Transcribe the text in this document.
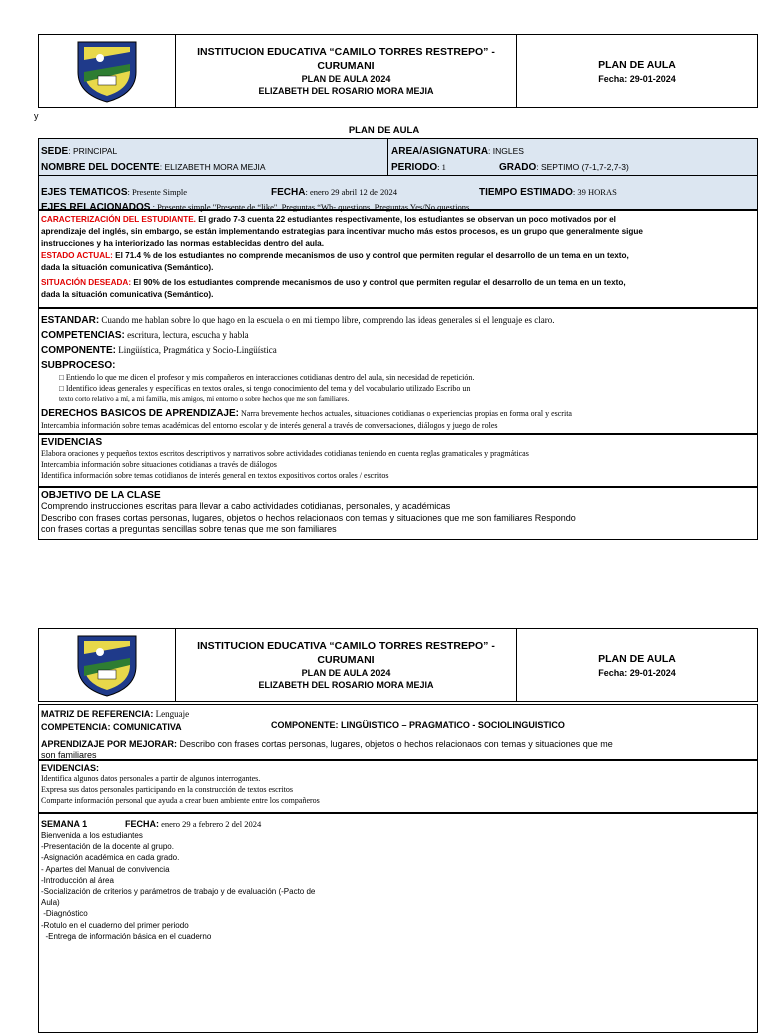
INSTITUCION EDUCATIVA “CAMILO TORRES RESTREPO” -
CURUMANI
PLAN DE AULA 2024
ELIZABETH DEL ROSARIO MORA MEJIA
PLAN DE AULA
Fecha: 29-01-2024
y
PLAN DE AULA
SEDE: PRINCIPAL	AREA/ASIGNATURA: INGLES
NOMBRE DEL DOCENTE: ELIZABETH MORA MEJIA	PERIODO: 1	GRADO: SEPTIMO (7-1,7-2,7-3)
EJES TEMATICOS: Presente Simple	FECHA: enero 29 abril 12 de 2024	TIEMPO ESTIMADO: 39 HORAS
EJES RELACIONADOS : Presente simple "Presente de “like", Preguntas “Wh- questions, Preguntas Yes/No questions
CARACTERIZACIÓN DEL ESTUDIANTE. El grado 7-3 cuenta 22 estudiantes respectivamente, los estudiantes se observan un poco motivados por el
aprendizaje del inglés, sin embargo, se están implementando estrategias para incentivar mucho más estos procesos, es un grupo que generalmente sigue
instrucciones y ha interiorizado las normas establecidas dentro del aula.
ESTADO ACTUAL: El 71.4 % de los estudiantes no comprende mecanismos de uso y control que permiten regular el desarrollo de un tema en un texto,
dada la situación comunicativa (Semántico).
SITUACIÓN DESEADA: El 90% de los estudiantes comprende mecanismos de uso y control que permiten regular el desarrollo de un tema en un texto,
dada la situación comunicativa (Semántico).
ESTANDAR: Cuando me hablan sobre lo que hago en la escuela o en mi tiempo libre, comprendo las ideas generales si el lenguaje es claro.
COMPETENCIAS: escritura, lectura, escucha y habla
COMPONENTE: Lingüística, Pragmática y Socio-Lingüística
SUBPROCESO:
□ Entiendo lo que me dicen el profesor y mis compañeros en interacciones cotidianas dentro del aula, sin necesidad de repetición.
□ Identifico ideas generales y específicas en textos orales, si tengo conocimiento del tema y del vocabulario utilizado Escribo un
texto corto relativo a mí, a mi familia, mis amigos, mi entorno o sobre hechos que me son familiares.
DERECHOS BASICOS DE APRENDIZAJE: Narra brevemente hechos actuales, situaciones cotidianas o experiencias propias en forma oral y escrita
Intercambia información sobre temas académicas del entorno escolar y de interés general a través de conversaciones, diálogos y juego de roles
EVIDENCIAS
Elabora oraciones y pequeños textos escritos descriptivos y narrativos sobre actividades cotidianas teniendo en cuenta reglas gramaticales y pragmáticas
Intercambia información sobre situaciones cotidianas a través de diálogos
Identifica información sobre temas cotidianos de interés general en textos expositivos cortos orales / escritos
OBJETIVO DE LA CLASE
Comprendo instrucciones escritas para llevar a cabo actividades cotidianas, personales, y académicas
Describo con frases cortas personas, lugares, objetos o hechos relacionaos con temas y situaciones que me son familiares Respondo
con frases cortas a preguntas sencillas sobre tenas que me son familiares
INSTITUCION EDUCATIVA “CAMILO TORRES RESTREPO” -
CURUMANI
PLAN DE AULA 2024
ELIZABETH DEL ROSARIO MORA MEJIA
PLAN DE AULA
Fecha: 29-01-2024
MATRIZ DE REFERENCIA: Lenguaje
COMPETENCIA: COMUNICATIVA	COMPONENTE: LINGÜISTICO – PRAGMATICO - SOCIOLINGUISTICO
APRENDIZAJE POR MEJORAR: Describo con frases cortas personas, lugares, objetos o hechos relacionaos con temas y situaciones que me
son familiares
EVIDENCIAS:
Identifica algunos datos personales a partir de algunos interrogantes.
Expresa sus datos personales participando en la construcción de textos escritos
Comparte información personal que ayuda a crear buen ambiente entre los compañeros
SEMANA 1	FECHA: enero 29 a febrero 2 del 2024
Bienvenida a los estudiantes
-Presentación de la docente al grupo.
-Asignación académica en cada grado.
- Apartes del Manual de convivencia
-Introducción al área
-Socialización de criterios y parámetros de trabajo y de evaluación (-Pacto de
Aula)
-Diagnóstico
-Rotulo en el cuaderno del primer periodo
-Entrega de información básica en el cuaderno
